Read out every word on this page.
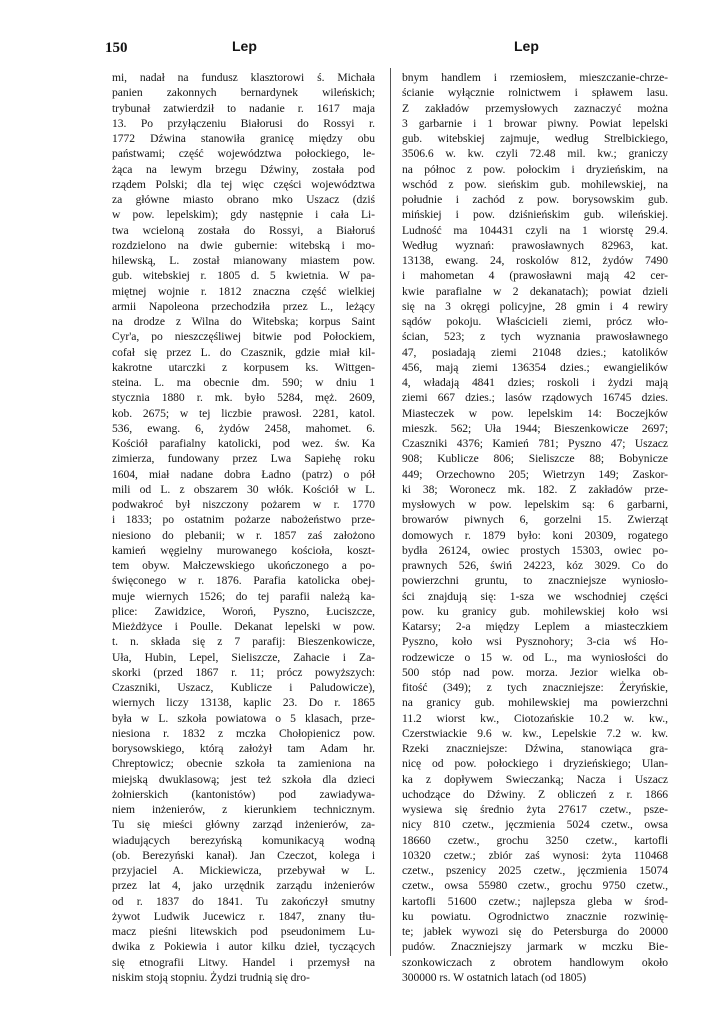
150	Lep	Lep
mi, nadał na fundusz klasztorowi ś. Michała
panien zakonnych bernardynek wileńskich;
trybunał zatwierdził to nadanie r. 1617 maja
13. Po przyłączeniu Białorusi do Rossyi r.
1772 Dźwina stanowiła granicę między obu
państwami; część województwa połockiego, le-
żąca na lewym brzegu Dźwiny, została pod
rządem Polski; dla tej więc części województwa
za główne miasto obrano mko Uszacz (dziś
w pow. lepelskim); gdy następnie i cała Li-
twa wcieloną została do Rossyi, a Białoruś
rozdzielono na dwie gubernie: witebską i mo-
hilewską, L. został mianowany miastem pow.
gub. witebskiej r. 1805 d. 5 kwietnia. W pa-
miętnej wojnie r. 1812 znaczna część wielkiej
armii Napoleona przechodziła przez L., leżący
na drodze z Wilna do Witebska; korpus Saint
Cyr'a, po nieszczęśliwej bitwie pod Połockiem,
cofał się przez L. do Czasznik, gdzie miał kil-
kakrotne utarczki z korpusem ks. Wittgen-
steina. L. ma obecnie dm. 590; w dniu 1
stycznia 1880 r. mk. było 5284, męż. 2609,
kob. 2675; w tej liczbie prawosł. 2281, katol.
536, ewang. 6, żydów 2458, mahomet. 6.
Kościół parafialny katolicki, pod wez. św. Ka
zimierza, fundowany przez Lwa Sapiehę roku
1604, miał nadane dobra Ładno (patrz) o pół
mili od L. z obszarem 30 włók. Kościół w L.
podwakroć był niszczony pożarem w r. 1770
i 1833; po ostatnim pożarze nabożeństwo prze-
niesiono do plebanii; w r. 1857 zaś założono
kamień węgielny murowanego kościoła, koszt-
tem obyw. Małczewskiego ukończonego a po-
święconego w r. 1876. Parafia katolicka obej-
muje wiernych 1526; do tej parafii należą ka-
plice: Zawidzice, Woroń, Pyszno, Łuciszcze,
Mieżdżyce i Poulle. Dekanat lepelski w pow.
t. n. składa się z 7 parafij: Bieszenkowicze,
Uła, Hubin, Lepel, Sieliszcze, Zahacie i Za-
skorki (przed 1867 r. 11; prócz powyższych:
Czaszniki, Uszacz, Kublicze i Paludowicze),
wiernych liczy 13138, kaplic 23. Do r. 1865
była w L. szkoła powiatowa o 5 klasach, prze-
niesiona r. 1832 z mczka Chołopienicz pow.
borysowskiego, którą założył tam Adam hr.
Chreptowicz; obecnie szkoła ta zamieniona na
miejską dwuklasową; jest też szkoła dla dzieci
żołnierskich (kantonistów) pod zawiadywa-
niem inżenierów, z kierunkiem technicznym.
Tu się mieści główny zarząd inżenierów, za-
wiadujących berezyńską komunikacyą wodną
(ob. Berezyński kanał). Jan Czeczot, kolega i
przyjaciel A. Mickiewicza, przebywał w L.
przez lat 4, jako urzędnik zarządu inżenierów
od r. 1837 do 1841. Tu zakończył smutny
żywot Ludwik Jucewicz r. 1847, znany tłu-
macz pieśni litewskich pod pseudonimem Lu-
dwika z Pokiewia i autor kilku dzieł, tyczących
się etnografii Litwy. Handel i przemysł na
niskim stoją stopniu. Żydzi trudnią się dro-
bnym handlem i rzemiosłem, mieszczanie-chrze-
ścianie wyłącznie rolnictwem i spławem lasu.
Z zakładów przemysłowych zaznaczyć można
3 garbarnie i 1 browar piwny. Powiat lepelski
gub. witebskiej zajmuje, według Strelbickiego,
3506.6 w. kw. czyli 72.48 mil. kw.; graniczy
na północ z pow. połockim i dryzieńskim, na
wschód z pow. sieńskim gub. mohilewskiej, na
południe i zachód z pow. borysowskim gub.
mińskiej i pow. dziśnieńskim gub. wileńskiej.
Ludność ma 104431 czyli na 1 wiorstę 29.4.
Według wyznań: prawosławnych 82963, kat.
13138, ewang. 24, roskolów 812, żydów 7490
i mahometan 4 (prawosławni mają 42 cer-
kwie parafialne w 2 dekanatach); powiat dzieli
się na 3 okręgi policyjne, 28 gmin i 4 rewiry
sądów pokoju. Właścicieli ziemi, prócz wło-
ścian, 523; z tych wyznania prawosławnego
47, posiadają ziemi 21048 dzies.; katolików
456, mają ziemi 136354 dzies.; ewangielików
4, władają 4841 dzies; roskoli i żydzi mają
ziemi 667 dzies.; lasów rządowych 16745 dzies.
Miasteczek w pow. lepelskim 14: Boczejków
mieszk. 562; Uła 1944; Bieszenkowicze 2697;
Czaszniki 4376; Kamień 781; Pyszno 47; Uszacz
908; Kublicze 806; Sieliszcze 88; Bobyniсze
449; Orzechowno 205; Wietrzyn 149; Zaskor-
ki 38; Woroneсz mk. 182. Z zakładów prze-
mysłowych w pow. lepelskim są: 6 garbarni,
browarów piwnych 6, gorzelni 15. Zwierząt
domowych r. 1879 było: koni 20309, rogatego
bydła 26124, owiec prostych 15303, owiec po-
prawnych 526, świń 24223, kóz 3029. Co do
powierzchni gruntu, to znaczniejsze wyniosło-
ści znajdują się: 1-sza we wschodniej części
pow. ku granicy gub. mohilewskiej koło wsi
Katarsy; 2-a między Leplem a miasteczkiem
Pyszno, koło wsi Pysznohory; 3-cia wś Ho-
rodzewicze o 15 w. od L., ma wyniosłości do
500 stóp nad pow. morza. Jezior wielka ob-
fitość (349); z tych znaczniejsze: Żeryńskie,
na granicy gub. mohilewskiej ma powierzchni
11.2 wiorst kw., Ciotozańskie 10.2 w. kw.,
Czerstwiackie 9.6 w. kw., Lepelskie 7.2 w. kw.
Rzeki znaczniejsze: Dźwina, stanowiąca gra-
nicę od pow. połockiego i dryzieńskiego; Ulan-
ka z dopływem Swieczanką; Nacza i Uszacz
uchodzące do Dźwiny. Z obliczeń z r. 1866
wysiewa się średnio żyta 27617 czetw., psze-
nicy 810 czetw., jęczmienia 5024 czetw., owsa
18660 czetw., grochu 3250 czetw., kartofli
10320 czetw.; zbiór zaś wynosi: żyta 110468
czetw., pszenicy 2025 czetw., jęczmienia 15074
czetw., owsa 55980 czetw., grochu 9750 czetw.,
kartofli 51600 czetw.; najlepsza gleba w środ-
ku powiatu. Ogrodnictwo znacznie rozwinię-
te; jabłek wywozi się do Petersburga do 20000
pudów. Znaczniejszy jarmark w mczku Bie-
szonkowiczach z obrotem handlowym około
300000 rs. W ostatnich latach (od 1805)
